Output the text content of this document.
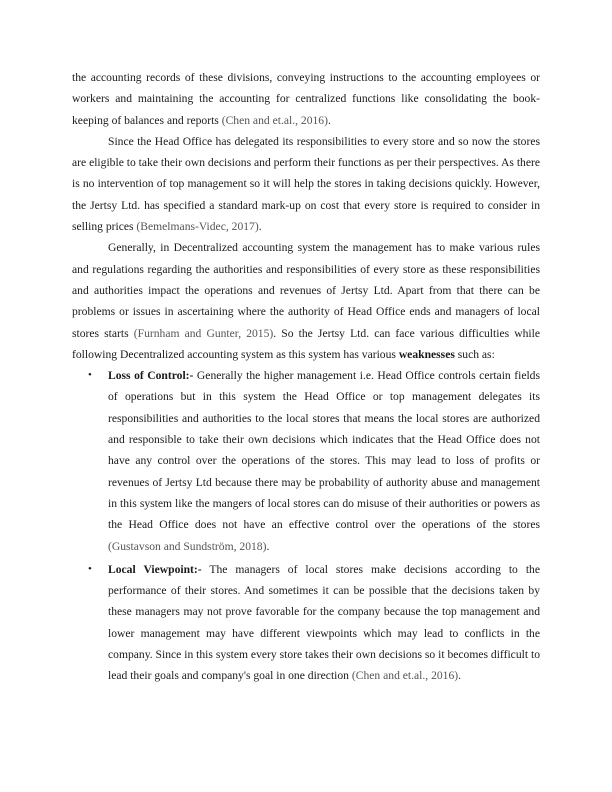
the accounting records of these divisions, conveying instructions to the accounting employees or workers and maintaining the accounting for centralized functions like consolidating the book-keeping of balances and reports (Chen and et.al., 2016).

Since the Head Office has delegated its responsibilities to every store and so now the stores are eligible to take their own decisions and perform their functions as per their perspectives. As there is no intervention of top management so it will help the stores in taking decisions quickly. However, the Jertsy Ltd. has specified a standard mark-up on cost that every store is required to consider in selling prices (Bemelmans-Videc, 2017).

Generally, in Decentralized accounting system the management has to make various rules and regulations regarding the authorities and responsibilities of every store as these responsibilities and authorities impact the operations and revenues of Jertsy Ltd. Apart from that there can be problems or issues in ascertaining where the authority of Head Office ends and managers of local stores starts (Furnham and Gunter, 2015). So the Jertsy Ltd. can face various difficulties while following Decentralized accounting system as this system has various weaknesses such as:

• Loss of Control:- Generally the higher management i.e. Head Office controls certain fields of operations but in this system the Head Office or top management delegates its responsibilities and authorities to the local stores that means the local stores are authorized and responsible to take their own decisions which indicates that the Head Office does not have any control over the operations of the stores. This may lead to loss of profits or revenues of Jertsy Ltd because there may be probability of authority abuse and management in this system like the mangers of local stores can do misuse of their authorities or powers as the Head Office does not have an effective control over the operations of the stores (Gustavson and Sundström, 2018).
• Local Viewpoint:- The managers of local stores make decisions according to the performance of their stores. And sometimes it can be possible that the decisions taken by these managers may not prove favorable for the company because the top management and lower management may have different viewpoints which may lead to conflicts in the company. Since in this system every store takes their own decisions so it becomes difficult to lead their goals and company's goal in one direction (Chen and et.al., 2016).
